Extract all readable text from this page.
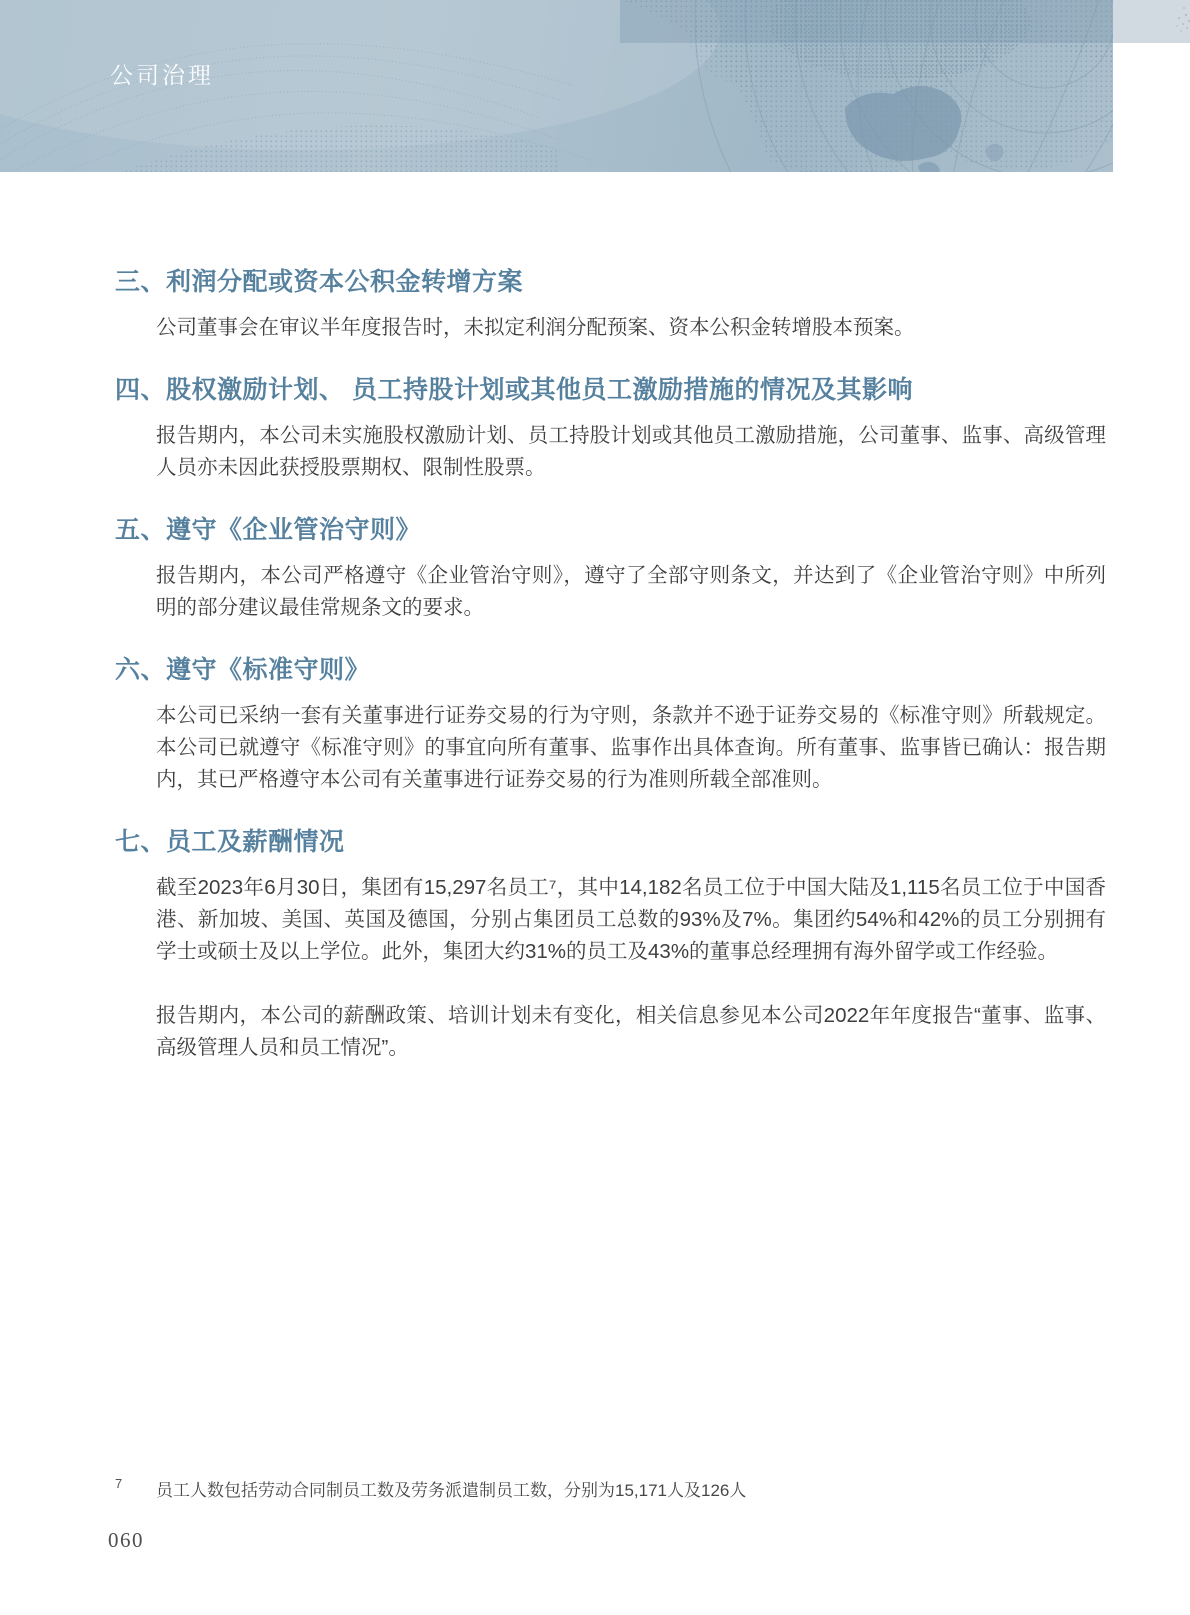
公司治理
三、利润分配或资本公积金转增方案

公司董事会在审议半年度报告时，未拟定利润分配预案、资本公积金转增股本预案。

四、股权激励计划、 员工持股计划或其他员工激励措施的情况及其影响

报告期内，本公司未实施股权激励计划、员工持股计划或其他员工激励措施，公司董事、监事、高级管理人员亦未因此获授股票期权、限制性股票。

五、遵守《企业管治守则》

报告期内，本公司严格遵守《企业管治守则》，遵守了全部守则条文，并达到了《企业管治守则》中所列明的部分建议最佳常规条文的要求。

六、遵守《标准守则》

本公司已采纳一套有关董事进行证券交易的行为守则，条款并不逊于证券交易的《标准守则》所载规定。本公司已就遵守《标准守则》的事宜向所有董事、监事作出具体查询。所有董事、监事皆已确认：报告期内，其已严格遵守本公司有关董事进行证券交易的行为准则所载全部准则。

七、员工及薪酬情况

截至2023年6月30日，集团有15,297名员工⁷，其中14,182名员工位于中国大陆及1,115名员工位于中国香港、新加坡、美国、英国及德国，分别占集团员工总数的93%及7%。集团约54%和42%的员工分别拥有学士或硕士及以上学位。此外，集团大约31%的员工及43%的董事总经理拥有海外留学或工作经验。

报告期内，本公司的薪酬政策、培训计划未有变化，相关信息参见本公司2022年年度报告“董事、监事、高级管理人员和员工情况”。

7 员工人数包括劳动合同制员工数及劳务派遣制员工数，分别为15,171人及126人
060
